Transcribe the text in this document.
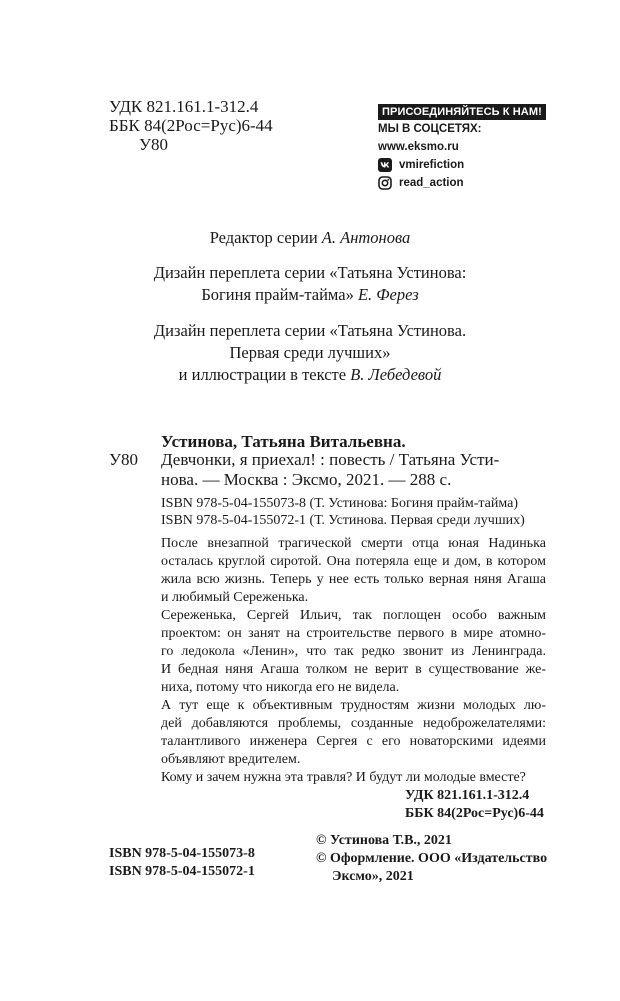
УДК 821.161.1-312.4
ББК 84(2Рос=Рус)6-44
У80
ПРИСОЕДИНЯЙТЕСЬ К НАМ!
МЫ В СОЦСЕТЯХ:
www.eksmo.ru
vmirefiction
read_action
Редактор серии А. Антонова
Дизайн переплета серии «Татьяна Устинова:
Богиня прайм-тайма» Е. Ферез
Дизайн переплета серии «Татьяна Устинова.
Первая среди лучших»
и иллюстрации в тексте В. Лебедевой
Устинова, Татьяна Витальевна.
У80 Девчонки, я приехал! : повесть / Татьяна Усти-
нова. — Москва : Эксмо, 2021. — 288 с.
ISBN 978-5-04-155073-8 (Т. Устинова: Богиня прайм-тайма)
ISBN 978-5-04-155072-1 (Т. Устинова. Первая среди лучших)
После внезапной трагической смерти отца юная Надинька
осталась круглой сиротой. Она потеряла еще и дом, в котором
жила всю жизнь. Теперь у нее есть только верная няня Агаша
и любимый Сереженька.
Сереженька, Сергей Ильич, так поглощен особо важным
проектом: он занят на строительстве первого в мире атомно-
го ледокола «Ленин», что так редко звонит из Ленинграда.
И бедная няня Агаша толком не верит в существование же-
ниха, потому что никогда его не видела.
А тут еще к объективным трудностям жизни молодых лю-
дей добавляются проблемы, созданные недоброжелателями:
талантливого инженера Сергея с его новаторскими идеями
объявляют вредителем.
Кому и зачем нужна эта травля? И будут ли молодые вместе?
УДК 821.161.1-312.4
ББК 84(2Рос=Рус)6-44
ISBN 978-5-04-155073-8
ISBN 978-5-04-155072-1
© Устинова Т.В., 2021
© Оформление. ООО «Издательство
Эксмо», 2021
